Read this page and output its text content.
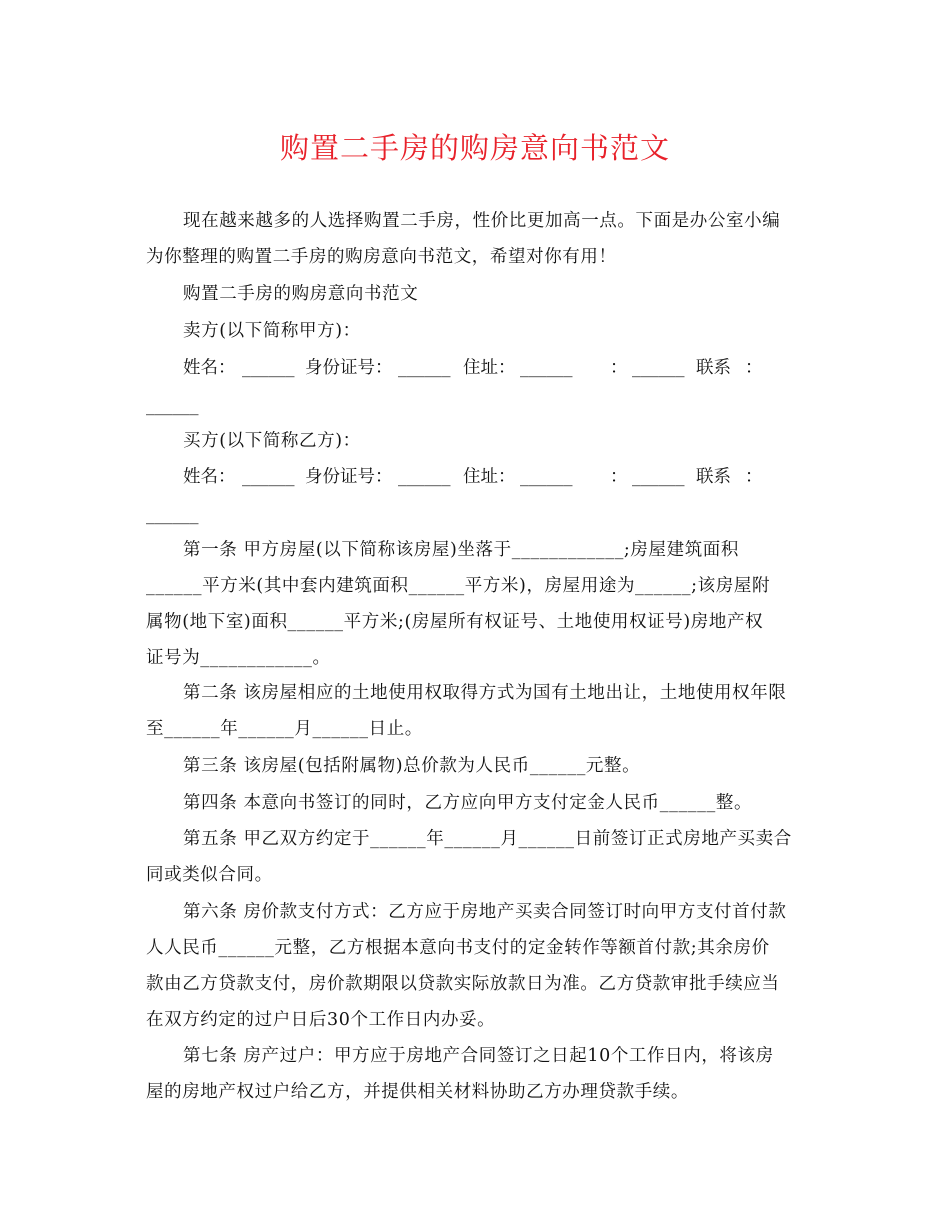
购置二手房的购房意向书范文
现在越来越多的人选择购置二手房，性价比更加高一点。下面是办公室小编
为你整理的购置二手房的购房意向书范文，希望对你有用！
购置二手房的购房意向书范文
卖方(以下简称甲方)：
姓名： ______ 身份证号： ______ 住址： ______ ： ______ 联系 ：
______
买方(以下简称乙方)：
姓名： ______ 身份证号： ______ 住址： ______ ： ______ 联系 ：
______
第一条 甲方房屋(以下简称该房屋)坐落于____________;房屋建筑面积
______平方米(其中套内建筑面积______平方米)，房屋用途为______;该房屋附
属物(地下室)面积______平方米;(房屋所有权证号、土地使用权证号)房地产权
证号为____________。
第二条 该房屋相应的土地使用权取得方式为国有土地出让，土地使用权年限
至______年______月______日止。
第三条 该房屋(包括附属物)总价款为人民币______元整。
第四条 本意向书签订的同时，乙方应向甲方支付定金人民币______整。
第五条 甲乙双方约定于______年______月______日前签订正式房地产买卖合
同或类似合同。
第六条 房价款支付方式：乙方应于房地产买卖合同签订时向甲方支付首付款
人人民币______元整，乙方根据本意向书支付的定金转作等额首付款;其余房价
款由乙方贷款支付，房价款期限以贷款实际放款日为准。乙方贷款审批手续应当
在双方约定的过户日后30个工作日内办妥。
第七条 房产过户：甲方应于房地产合同签订之日起10个工作日内，将该房
屋的房地产权过户给乙方，并提供相关材料协助乙方办理贷款手续。
